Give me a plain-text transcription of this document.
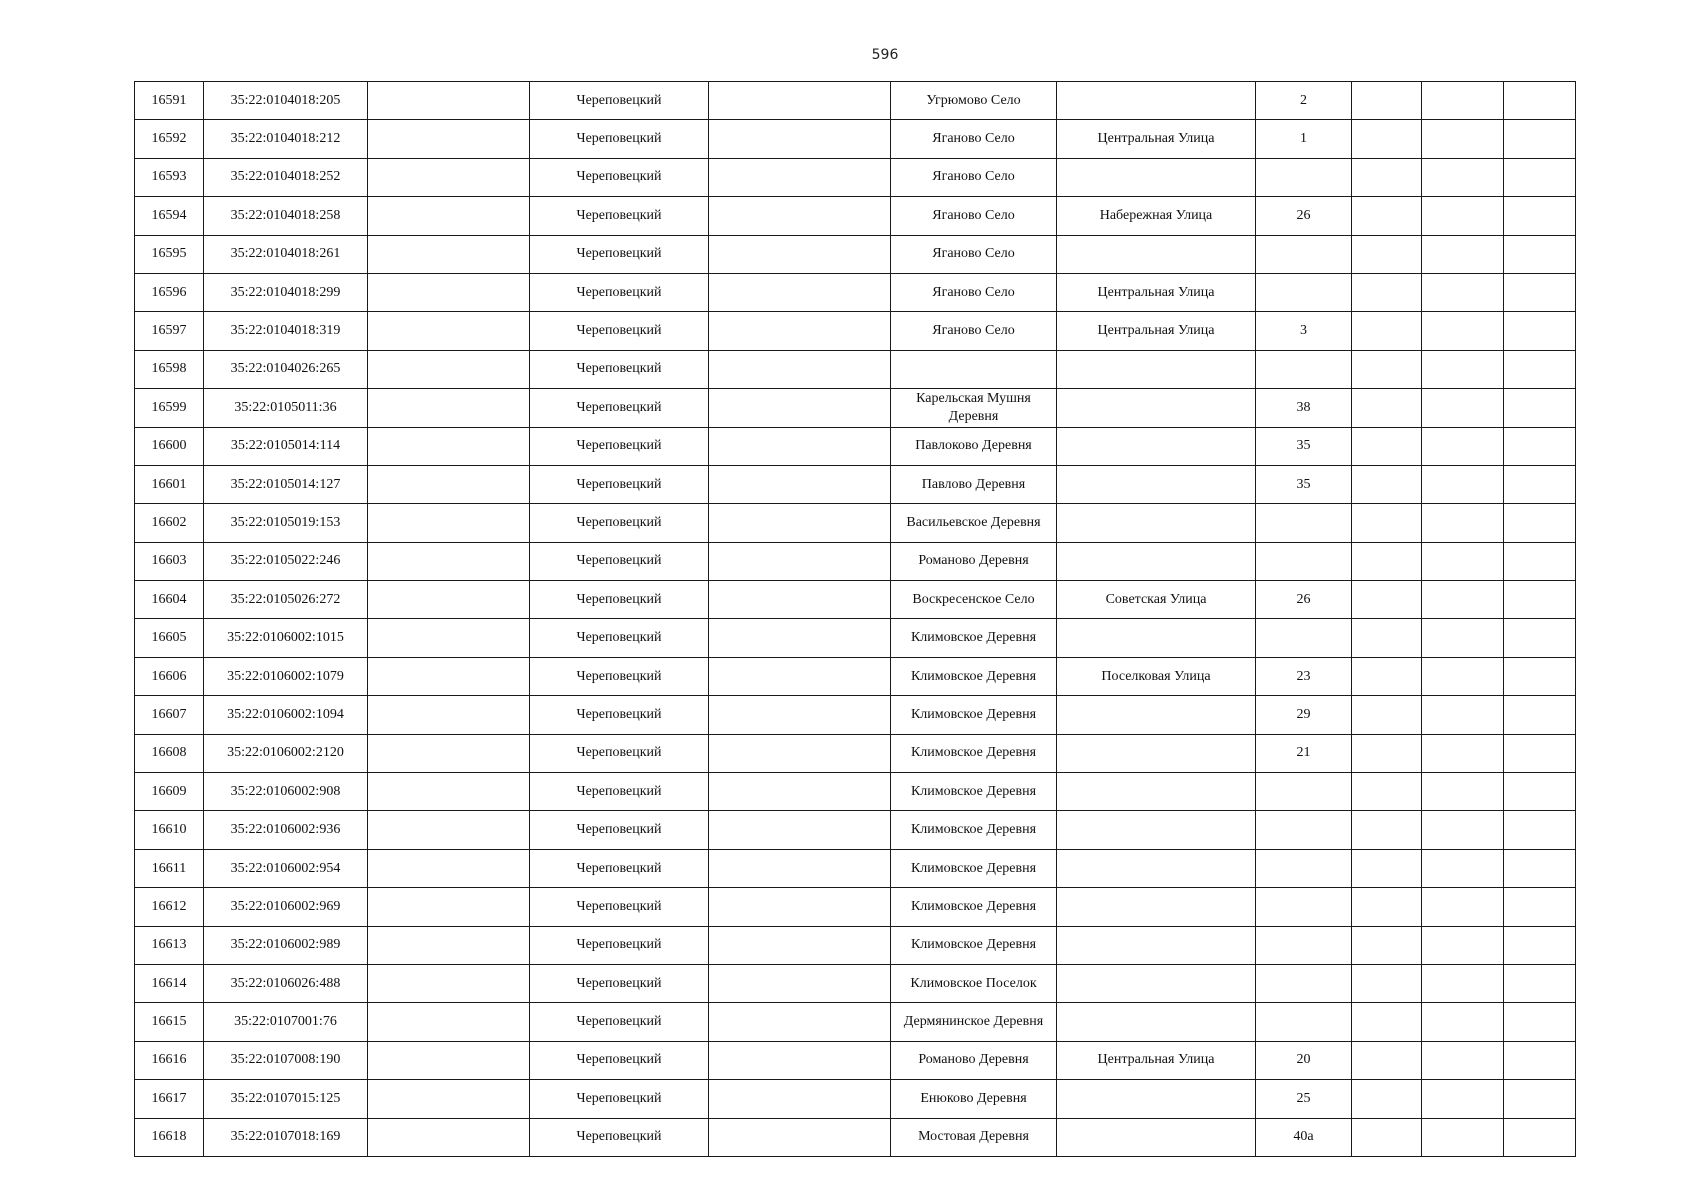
596
16591	35:22:0104018:205		Череповецкий		Угрюмово Село		2			
16592	35:22:0104018:212		Череповецкий		Яганово Село	Центральная Улица	1			
16593	35:22:0104018:252		Череповецкий		Яганово Село					
16594	35:22:0104018:258		Череповецкий		Яганово Село	Набережная Улица	26			
16595	35:22:0104018:261		Череповецкий		Яганово Село					
16596	35:22:0104018:299		Череповецкий		Яганово Село	Центральная Улица				
16597	35:22:0104018:319		Череповецкий		Яганово Село	Центральная Улица	3			
16598	35:22:0104026:265		Череповецкий							
16599	35:22:0105011:36		Череповецкий		Карельская Мушня Деревня		38			
16600	35:22:0105014:114		Череповецкий		Павлоково Деревня		35			
16601	35:22:0105014:127		Череповецкий		Павлово Деревня		35			
16602	35:22:0105019:153		Череповецкий		Васильевское Деревня					
16603	35:22:0105022:246		Череповецкий		Романово Деревня					
16604	35:22:0105026:272		Череповецкий		Воскресенское Село	Советская Улица	26			
16605	35:22:0106002:1015		Череповецкий		Климовское Деревня					
16606	35:22:0106002:1079		Череповецкий		Климовское Деревня	Поселковая Улица	23			
16607	35:22:0106002:1094		Череповецкий		Климовское Деревня		29			
16608	35:22:0106002:2120		Череповецкий		Климовское Деревня		21			
16609	35:22:0106002:908		Череповецкий		Климовское Деревня					
16610	35:22:0106002:936		Череповецкий		Климовское Деревня					
16611	35:22:0106002:954		Череповецкий		Климовское Деревня					
16612	35:22:0106002:969		Череповецкий		Климовское Деревня					
16613	35:22:0106002:989		Череповецкий		Климовское Деревня					
16614	35:22:0106026:488		Череповецкий		Климовское Поселок					
16615	35:22:0107001:76		Череповецкий		Дермянинское Деревня					
16616	35:22:0107008:190		Череповецкий		Романово Деревня	Центральная Улица	20			
16617	35:22:0107015:125		Череповецкий		Енюково Деревня		25			
16618	35:22:0107018:169		Череповецкий		Мостовая Деревня		40а			
